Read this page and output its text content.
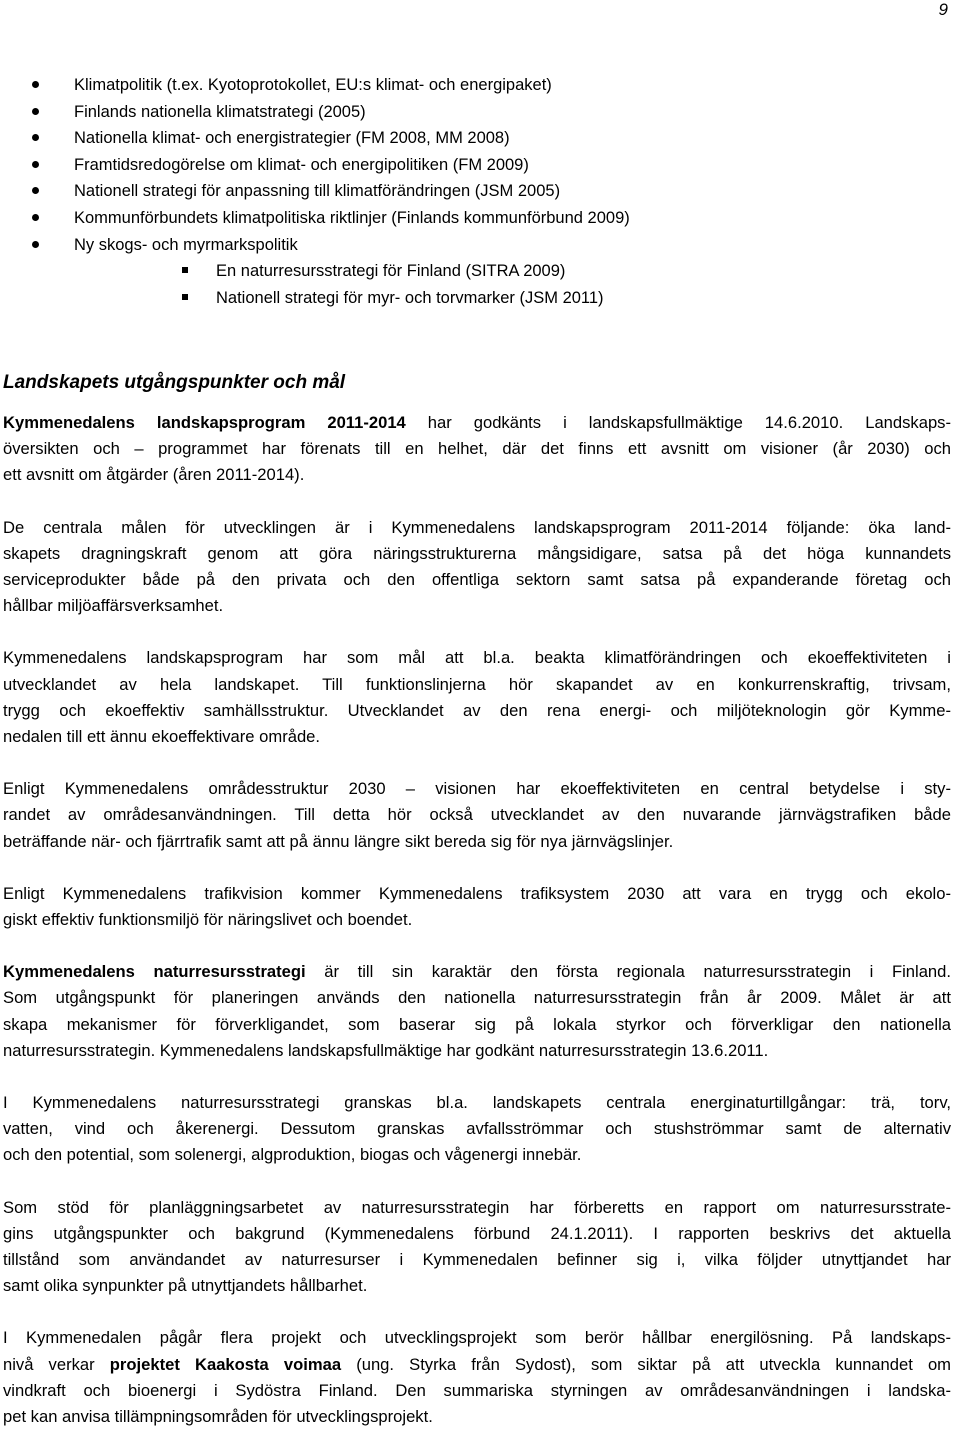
9
Klimatpolitik (t.ex. Kyotoprotokollet, EU:s klimat- och energipaket)
Finlands nationella klimatstrategi (2005)
Nationella klimat- och energistrategier (FM 2008, MM 2008)
Framtidsredogörelse om klimat- och energipolitiken (FM 2009)
Nationell strategi för anpassning till klimatförändringen (JSM 2005)
Kommunförbundets klimatpolitiska riktlinjer (Finlands kommunförbund 2009)
Ny skogs- och myrmarkspolitik
En naturresursstrategi för Finland (SITRA 2009)
Nationell strategi för myr- och torvmarker (JSM 2011)
Landskapets utgångspunkter och mål

Kymmenedalens landskapsprogram 2011-2014 har godkänts i landskapsfullmäktige 14.6.2010. Landskaps-
översikten och – programmet har förenats till en helhet, där det finns ett avsnitt om visioner (år 2030) och
ett avsnitt om åtgärder (åren 2011-2014).

De centrala målen för utvecklingen är i Kymmenedalens landskapsprogram 2011-2014 följande: öka land-
skapets dragningskraft genom att göra näringsstrukturerna mångsidigare, satsa på det höga kunnandets
serviceprodukter både på den privata och den offentliga sektorn samt satsa på expanderande företag och
hållbar miljöaffärsverksamhet.

Kymmenedalens landskapsprogram har som mål att bl.a. beakta klimatförändringen och ekoeffektiviteten i
utvecklandet av hela landskapet. Till funktionslinjerna hör skapandet av en konkurrenskraftig, trivsam,
trygg och ekoeffektiv samhällsstruktur. Utvecklandet av den rena energi- och miljöteknologin gör Kymme-
nedalen till ett ännu ekoeffektivare område.

Enligt Kymmenedalens områdesstruktur 2030 – visionen har ekoeffektiviteten en central betydelse i sty-
randet av områdesanvändningen. Till detta hör också utvecklandet av den nuvarande järnvägstrafiken både
beträffande när- och fjärrtrafik samt att på ännu längre sikt bereda sig för nya järnvägslinjer.

Enligt Kymmenedalens trafikvision kommer Kymmenedalens trafiksystem 2030 att vara en trygg och ekolo-
giskt effektiv funktionsmiljö för näringslivet och boendet.

Kymmenedalens naturresursstrategi är till sin karaktär den första regionala naturresursstrategin i Finland.
Som utgångspunkt för planeringen används den nationella naturresursstrategin från år 2009. Målet är att
skapa mekanismer för förverkligandet, som baserar sig på lokala styrkor och förverkligar den nationella
naturresursstrategin. Kymmenedalens landskapsfullmäktige har godkänt naturresursstrategin 13.6.2011.

I Kymmenedalens naturresursstrategi granskas bl.a. landskapets centrala energinaturtillgångar: trä, torv,
vatten, vind och åkerenergi. Dessutom granskas avfallsströmmar och stushströmmar samt de alternativ
och den potential, som solenergi, algproduktion, biogas och vågenergi innebär.

Som stöd för planläggningsarbetet av naturresursstrategin har förberetts en rapport om naturresursstrate-
gins utgångspunkter och bakgrund (Kymmenedalens förbund 24.1.2011). I rapporten beskrivs det aktuella
tillstånd som användandet av naturresurser i Kymmenedalen befinner sig i, vilka följder utnyttjandet har
samt olika synpunkter på utnyttjandets hållbarhet.

I Kymmenedalen pågår flera projekt och utvecklingsprojekt som berör hållbar energilösning. På landskaps-
nivå verkar projektet Kaakosta voimaa (ung. Styrka från Sydost), som siktar på att utveckla kunnandet om
vindkraft och bioenergi i Sydöstra Finland. Den summariska styrningen av områdesanvändningen i landska-
pet kan anvisa tillämpningsområden för utvecklingsprojekt.
